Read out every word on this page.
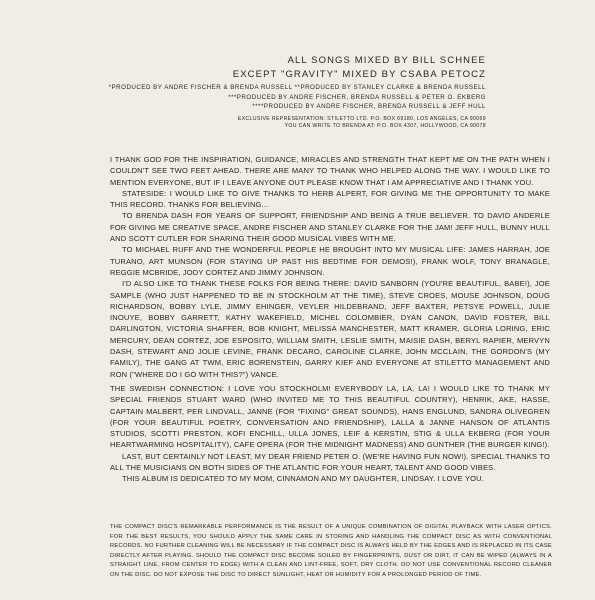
ALL SONGS MIXED BY BILL SCHNEE
EXCEPT "GRAVITY" MIXED BY CSABA PETOCZ
*PRODUCED BY ANDRE FISCHER & BRENDA RUSSELL **PRODUCED BY STANLEY CLARKE & BRENDA RUSSELL
***PRODUCED BY ANDRE FISCHER, BRENDA RUSSELL & PETER O. EKBERG
****PRODUCED BY ANDRE FISCHER, BRENDA RUSSELL & JEFF HULL
EXCLUSIVE REPRESENTATION: STILETTO LTD. P.O. BOX 69180, LOS ANGELES, CA 90069
YOU CAN WRITE TO BRENDA AT: P.O. BOX 4307, HOLLYWOOD, CA 90078

I THANK GOD FOR THE INSPIRATION, GUIDANCE, MIRACLES AND STRENGTH THAT KEPT ME ON THE PATH WHEN I COULDN'T SEE TWO FEET AHEAD. THERE ARE MANY TO THANK WHO HELPED ALONG THE WAY. I WOULD LIKE TO MENTION EVERYONE, BUT IF I LEAVE ANYONE OUT PLEASE KNOW THAT I AM APPRECIATIVE AND I THANK YOU.

STATESIDE: I WOULD LIKE TO GIVE THANKS TO HERB ALPERT, FOR GIVING ME THE OPPORTUNITY TO MAKE THIS RECORD. THANKS FOR BELIEVING...

TO BRENDA DASH FOR YEARS OF SUPPORT, FRIENDSHIP AND BEING A TRUE BELIEVER. TO DAVID ANDERLE FOR GIVING ME CREATIVE SPACE, ANDRE FISCHER AND STANLEY CLARKE FOR THE JAM! JEFF HULL, BUNNY HULL AND SCOTT CUTLER FOR SHARING THEIR GOOD MUSICAL VIBES WITH ME.

TO MICHAEL RUFF AND THE WONDERFUL PEOPLE HE BROUGHT INTO MY MUSICAL LIFE: JAMES HARRAH, JOE TURANO, ART MUNSON (FOR STAYING UP PAST HIS BEDTIME FOR DEMOS!), FRANK WOLF, TONY BRANAGLE, REGGIE MCBRIDE, JODY CORTEZ AND JIMMY JOHNSON.

I'D ALSO LIKE TO THANK THESE FOLKS FOR BEING THERE: DAVID SANBORN (YOU'RE BEAUTIFUL, BABE!), JOE SAMPLE (WHO JUST HAPPENED TO BE IN STOCKHOLM AT THE TIME), STEVE CROES, MOUSE JOHNSON, DOUG RICHARDSON, BOBBY LYLE, JIMMY EHINGER, VEYLER HILDEBRAND, JEFF BAXTER, PETSYE POWELL, JULIE INOUYE, BOBBY GARRETT, KATHY WAKEFIELD, MICHEL COLOMBIER, DYAN CANON, DAVID FOSTER, BILL DARLINGTON, VICTORIA SHAFFER, BOB KNIGHT, MELISSA MANCHESTER, MATT KRAMER, GLORIA LORING, ERIC MERCURY, DEAN CORTEZ, JOE ESPOSITO, WILLIAM SMITH, LESLIE SMITH, MAISIE DASH, BERYL RAPIER, MERVYN DASH, STEWART AND JOLIE LEVINE, FRANK DECARO, CAROLINE CLARKE, JOHN MCCLAIN, THE GORDON'S (MY FAMILY), THE GANG AT TWM, ERIC BORENSTEIN, GARRY KIEF AND EVERYONE AT STILETTO MANAGEMENT AND RON ("WHERE DO I GO WITH THIS?") VANCE.

THE SWEDISH CONNECTION: I LOVE YOU STOCKHOLM! EVERYBODY LA, LA, LA! I WOULD LIKE TO THANK MY SPECIAL FRIENDS STUART WARD (WHO INVITED ME TO THIS BEAUTIFUL COUNTRY), HENRIK, AKE, HASSE, CAPTAIN MALBERT, PER LINDVALL, JANNE (FOR "FIXING" GREAT SOUNDS), HANS ENGLUND, SANDRA OLIVEGREN (FOR YOUR BEAUTIFUL POETRY, CONVERSATION AND FRIENDSHIP), LALLA & JANNE HANSON OF ATLANTIS STUDIOS, SCOTTI PRESTON, KOFI ENCHILL, ULLA JONES, LEIF & KERSTIN, STIG & ULLA EKBERG (FOR YOUR HEARTWARMING HOSPITALITY), CAFE OPERA (FOR THE MIDNIGHT MADNESS) AND GUNTHER (THE BURGER KING!).

LAST, BUT CERTAINLY NOT LEAST, MY DEAR FRIEND PETER O. (WE'RE HAVING FUN NOW!). SPECIAL THANKS TO ALL THE MUSICIANS ON BOTH SIDES OF THE ATLANTIC FOR YOUR HEART, TALENT AND GOOD VIBES.

THIS ALBUM IS DEDICATED TO MY MOM, CINNAMON AND MY DAUGHTER, LINDSAY. I LOVE YOU.

THE COMPACT DISC'S REMARKABLE PERFORMANCE IS THE RESULT OF A UNIQUE COMBINATION OF DIGITAL PLAYBACK WITH LASER OPTICS. FOR THE BEST RESULTS, YOU SHOULD APPLY THE SAME CARE IN STORING AND HANDLING THE COMPACT DISC AS WITH CONVENTIONAL RECORDS. NO FURTHER CLEANING WILL BE NECESSARY IF THE COMPACT DISC IS ALWAYS HELD BY THE EDGES AND IS REPLACED IN ITS CASE DIRECTLY AFTER PLAYING. SHOULD THE COMPACT DISC BECOME SOILED BY FINGERPRINTS, DUST OR DIRT, IT CAN BE WIPED (ALWAYS IN A STRAIGHT LINE, FROM CENTER TO EDGE) WITH A CLEAN AND LINT-FREE, SOFT, DRY CLOTH. DO NOT USE CONVENTIONAL RECORD CLEANER ON THE DISC. DO NOT EXPOSE THE DISC TO DIRECT SUNLIGHT, HEAT OR HUMIDITY FOR A PROLONGED PERIOD OF TIME.
